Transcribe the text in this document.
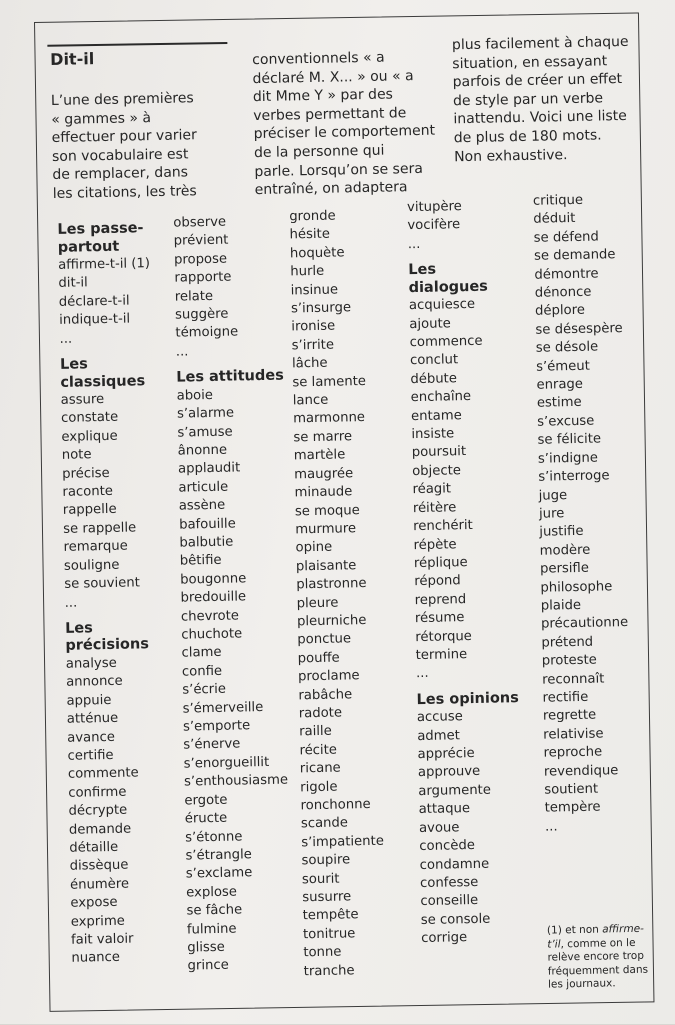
Dit-il
L’une des premières
« gammes » à
effectuer pour varier
son vocabulaire est
de remplacer, dans
les citations, les très
conventionnels « a
déclaré M. X... » ou « a
dit Mme Y » par des
verbes permettant de
préciser le comportement
de la personne qui
parle. Lorsqu’on se sera
entraîné, on adaptera
plus facilement à chaque
situation, en essayant
parfois de créer un effet
de style par un verbe
inattendu. Voici une liste
de plus de 180 mots.
Non exhaustive.
Les passe-
partout
affirme-t-il (1)
dit-il
déclare-t-il
indique-t-il
...
Les
classiques
assure
constate
explique
note
précise
raconte
rappelle
se rappelle
remarque
souligne
se souvient
...
Les
précisions
analyse
annonce
appuie
atténue
avance
certifie
commente
confirme
décrypte
demande
détaille
dissèque
énumère
expose
exprime
fait valoir
nuance
observe
prévient
propose
rapporte
relate
suggère
témoigne
...
Les attitudes
aboie
s’alarme
s’amuse
ânonne
applaudit
articule
assène
bafouille
balbutie
bêtifie
bougonne
bredouille
chevrote
chuchote
clame
confie
s’écrie
s’émerveille
s’emporte
s’énerve
s’enorgueillit
s’enthousiasme
ergote
éructe
s’étonne
s’étrangle
s’exclame
explose
se fâche
fulmine
glisse
grince
gronde
hésite
hoquète
hurle
insinue
s’insurge
ironise
s’irrite
lâche
se lamente
lance
marmonne
se marre
martèle
maugrée
minaude
se moque
murmure
opine
plaisante
plastronne
pleure
pleurniche
ponctue
pouffe
proclame
rabâche
radote
raille
récite
ricane
rigole
ronchonne
scande
s’impatiente
soupire
sourit
susurre
tempête
tonitrue
tonne
tranche
vitupère
vocifère
...
Les
dialogues
acquiesce
ajoute
commence
conclut
débute
enchaîne
entame
insiste
poursuit
objecte
réagit
réitère
renchérit
répète
réplique
répond
reprend
résume
rétorque
termine
...
Les opinions
accuse
admet
apprécie
approuve
argumente
attaque
avoue
concède
condamne
confesse
conseille
se console
corrige
critique
déduit
se défend
se demande
démontre
dénonce
déplore
se désespère
se désole
s’émeut
enrage
estime
s’excuse
se félicite
s’indigne
s’interroge
juge
jure
justifie
modère
persifle
philosophe
plaide
précautionne
prétend
proteste
reconnaît
rectifie
regrette
relativise
reproche
revendique
soutient
tempère
...
(1) et non affirme-t’il, comme on le relève encore trop fréquemment dans les journaux.
